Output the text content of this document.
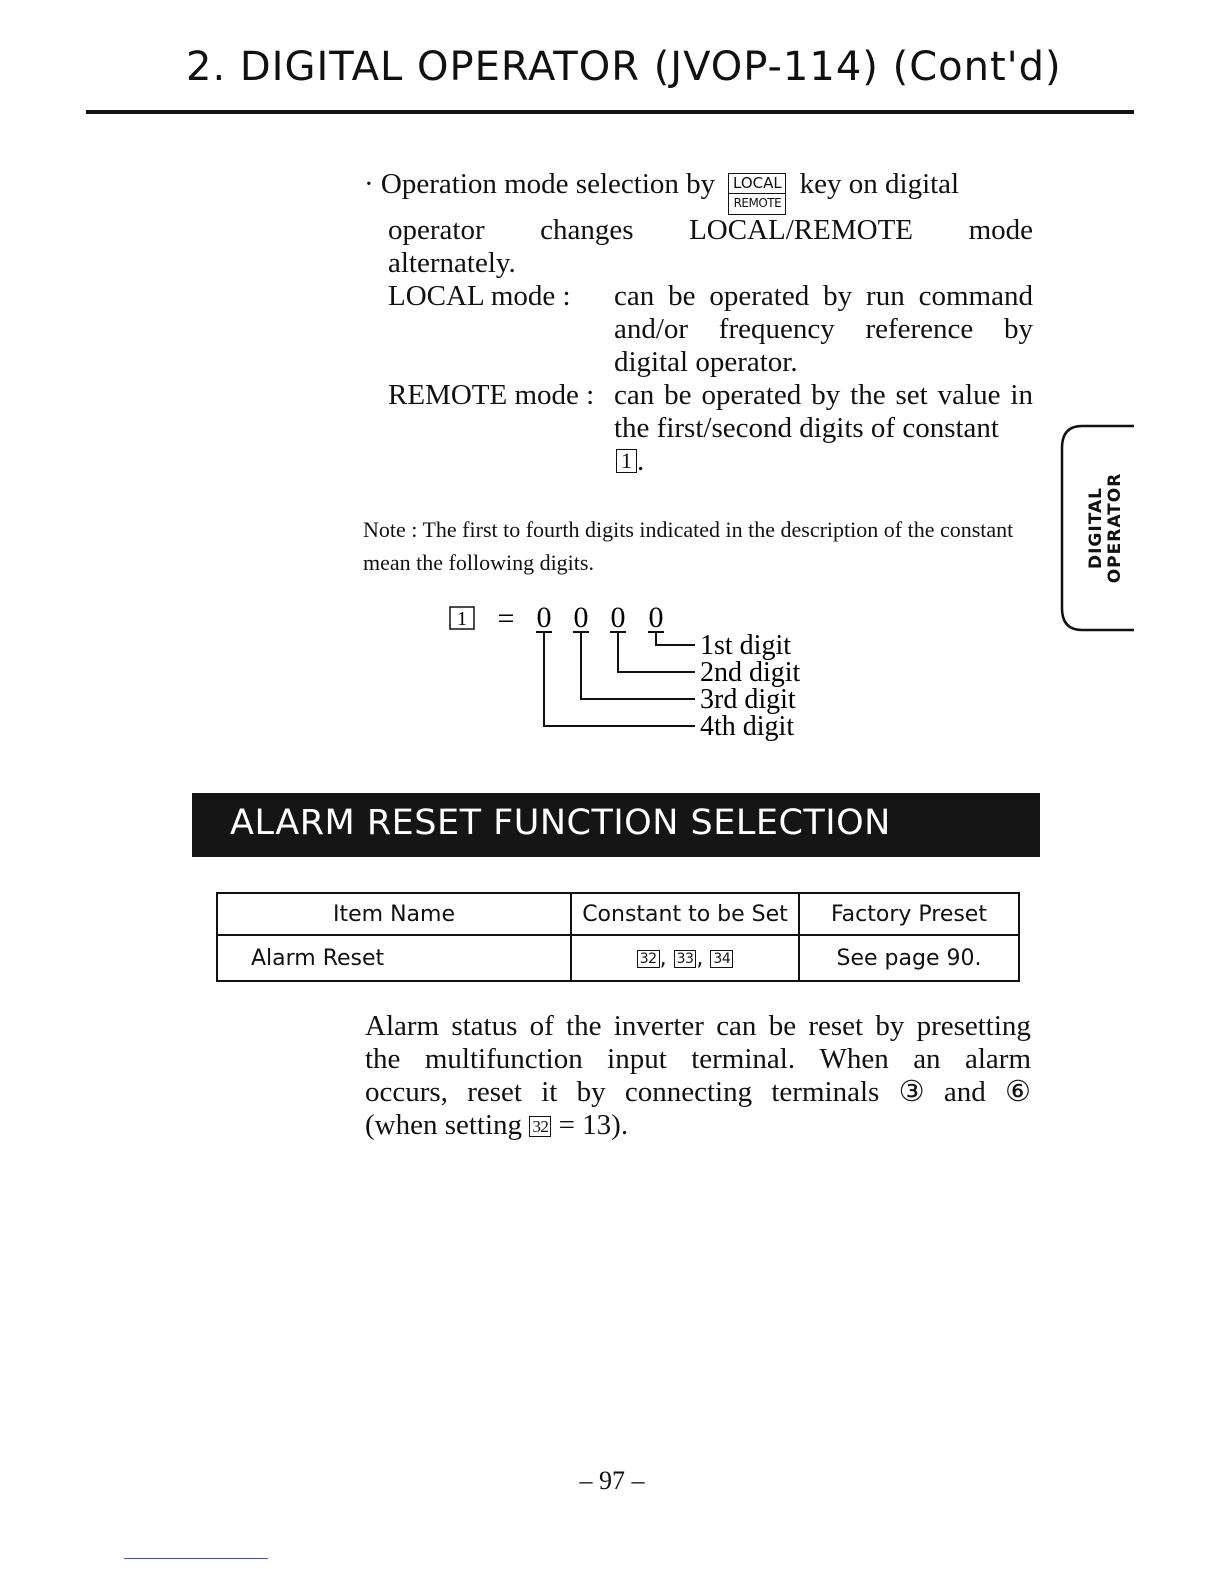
2. DIGITAL OPERATOR (JVOP-114) (Cont'd)
· Operation mode selection by LOCAL
REMOTE
key on digital
operator changes LOCAL/REMOTE mode
alternately.
LOCAL mode : can be operated by run command
and/or frequency reference by
digital operator.
REMOTE mode : can be operated by the set value in
the first/second digits of constant
1 .
Note : The first to fourth digits indicated in the description of the constant mean the following digits.
1 = 0 0 0 0
1st digit
2nd digit
3rd digit
4th digit
DIGITAL OPERATOR
ALARM RESET FUNCTION SELECTION
Item Name	Constant to be Set	Factory Preset
Alarm Reset	32 , 33 , 34	See page 90.
Alarm status of the inverter can be reset by presetting
the multifunction input terminal. When an alarm
occurs, reset it by connecting terminals ③ and ⑥
(when setting 32 = 13).
– 97 –
